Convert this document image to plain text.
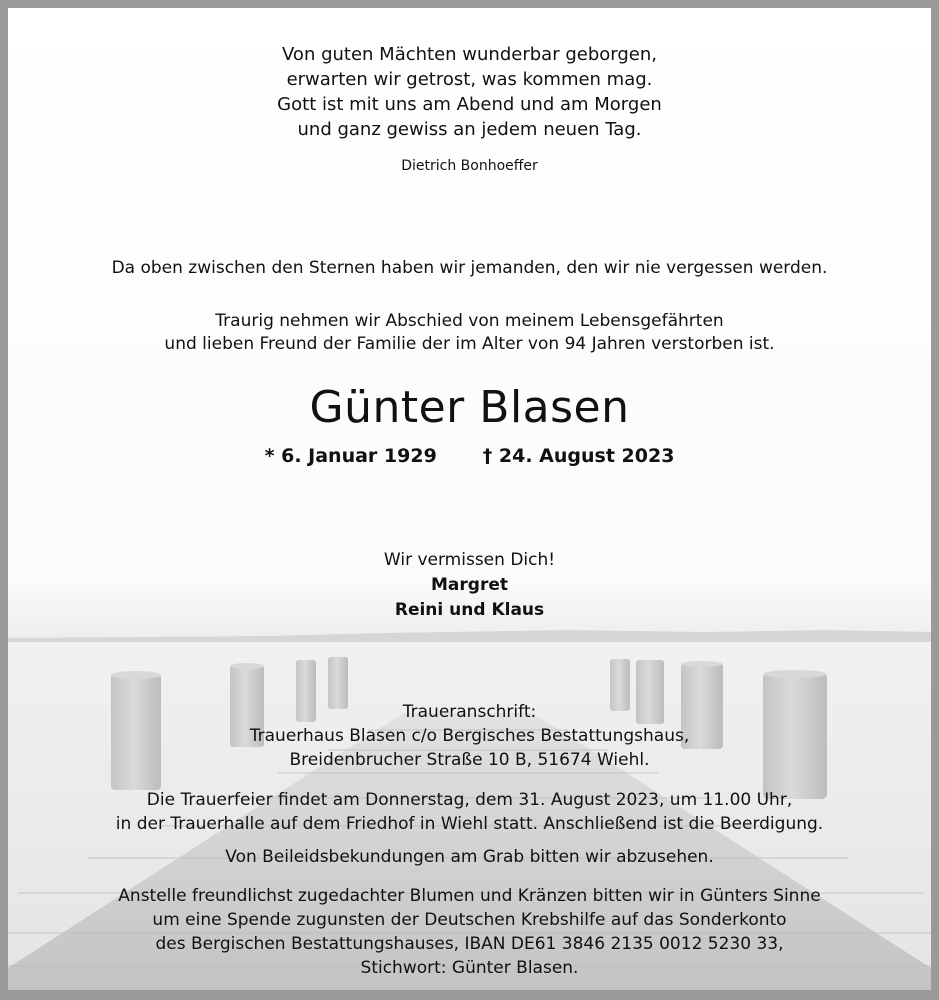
Von guten Mächten wunderbar geborgen,
erwarten wir getrost, was kommen mag.
Gott ist mit uns am Abend und am Morgen
und ganz gewiss an jedem neuen Tag.
Dietrich Bonhoeffer
Da oben zwischen den Sternen haben wir jemanden, den wir nie vergessen werden.
Traurig nehmen wir Abschied von meinem Lebensgefährten
und lieben Freund der Familie der im Alter von 94 Jahren verstorben ist.
Günter Blasen
* 6. Januar 1929 † 24. August 2023
Wir vermissen Dich!
Margret
Reini und Klaus
Traueranschrift:
Trauerhaus Blasen c/o Bergisches Bestattungshaus,
Breidenbrucher Straße 10 B, 51674 Wiehl.
Die Trauerfeier findet am Donnerstag, dem 31. August 2023, um 11.00 Uhr,
in der Trauerhalle auf dem Friedhof in Wiehl statt. Anschließend ist die Beerdigung.
Von Beileidsbekundungen am Grab bitten wir abzusehen.
Anstelle freundlichst zugedachter Blumen und Kränzen bitten wir in Günters Sinne
um eine Spende zugunsten der Deutschen Krebshilfe auf das Sonderkonto
des Bergischen Bestattungshauses, IBAN DE61 3846 2135 0012 5230 33,
Stichwort: Günter Blasen.
